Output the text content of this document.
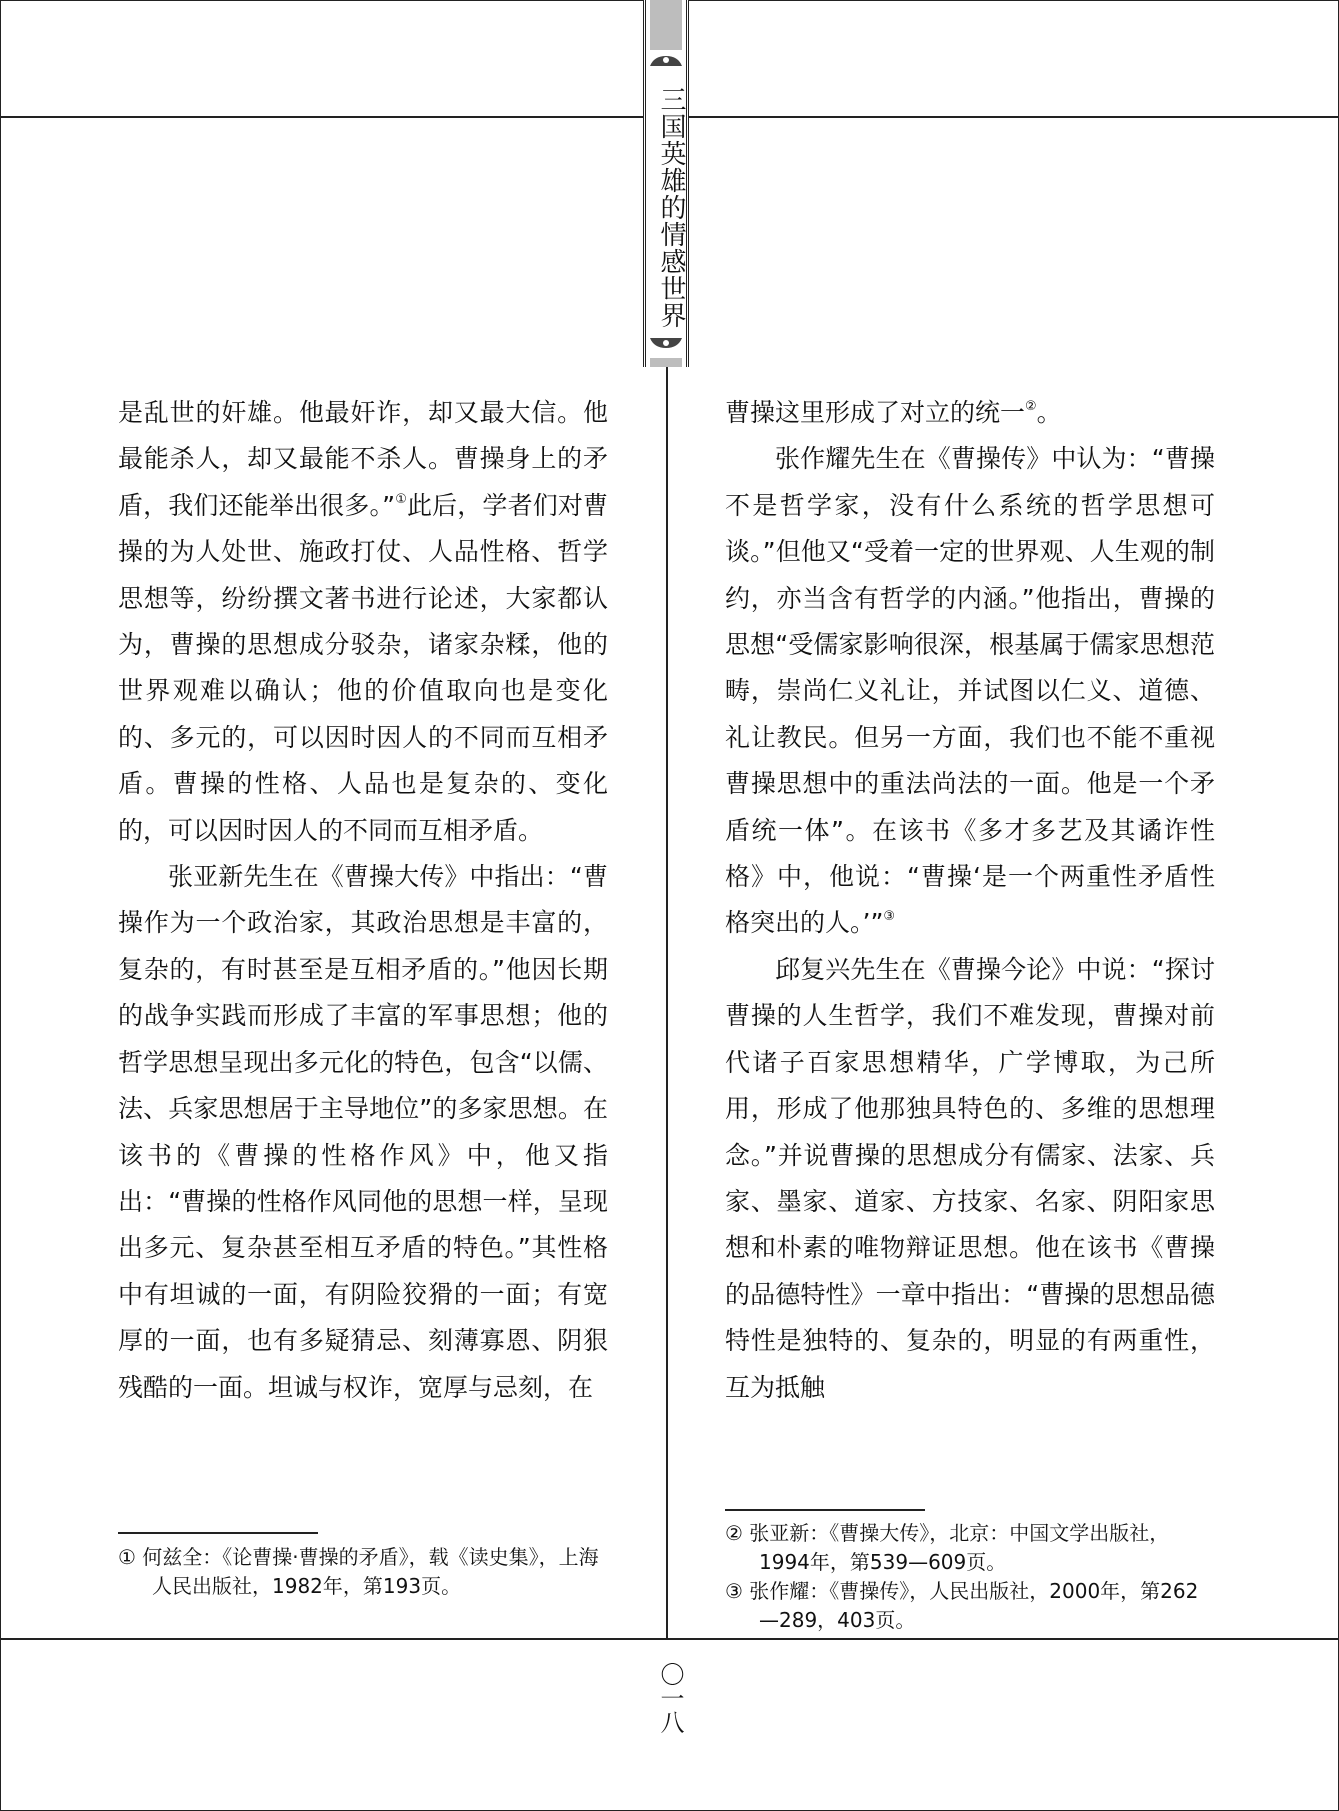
三国英雄的情感世界

是乱世的奸雄。他最奸诈，却又最大信。他最能杀人，却又最能不杀人。曹操身上的矛盾，我们还能举出很多。”①此后，学者们对曹操的为人处世、施政打仗、人品性格、哲学思想等，纷纷撰文著书进行论述，大家都认为，曹操的思想成分驳杂，诸家杂糅，他的世界观难以确认；他的价值取向也是变化的、多元的，可以因时因人的不同而互相矛盾。曹操的性格、人品也是复杂的、变化的，可以因时因人的不同而互相矛盾。

张亚新先生在《曹操大传》中指出：“曹操作为一个政治家，其政治思想是丰富的，复杂的，有时甚至是互相矛盾的。”他因长期的战争实践而形成了丰富的军事思想；他的哲学思想呈现出多元化的特色，包含“以儒、法、兵家思想居于主导地位”的多家思想。在该书的《曹操的性格作风》中，他又指出：“曹操的性格作风同他的思想一样，呈现出多元、复杂甚至相互矛盾的特色。”其性格中有坦诚的一面，有阴险狡猾的一面；有宽厚的一面，也有多疑猜忌、刻薄寡恩、阴狠残酷的一面。坦诚与权诈，宽厚与忌刻，在

曹操这里形成了对立的统一②。

张作耀先生在《曹操传》中认为：“曹操不是哲学家，没有什么系统的哲学思想可谈。”但他又“受着一定的世界观、人生观的制约，亦当含有哲学的内涵。”他指出，曹操的思想“受儒家影响很深，根基属于儒家思想范畴，崇尚仁义礼让，并试图以仁义、道德、礼让教民。但另一方面，我们也不能不重视曹操思想中的重法尚法的一面。他是一个矛盾统一体”。在该书《多才多艺及其谲诈性格》中，他说：“曹操‘是一个两重性矛盾性格突出的人。’”③

邱复兴先生在《曹操今论》中说：“探讨曹操的人生哲学，我们不难发现，曹操对前代诸子百家思想精华，广学博取，为己所用，形成了他那独具特色的、多维的思想理念。”并说曹操的思想成分有儒家、法家、兵家、墨家、道家、方技家、名家、阴阳家思想和朴素的唯物辩证思想。他在该书《曹操的品德特性》一章中指出：“曹操的思想品德特性是独特的、复杂的，明显的有两重性，互为抵触

① 何兹全：《论曹操·曹操的矛盾》，载《读史集》，上海人民出版社，1982年，第193页。
② 张亚新：《曹操大传》，北京：中国文学出版社，1994年，第539—609页。
③ 张作耀：《曹操传》，人民出版社，2000年，第262—289，403页。
〇一八
